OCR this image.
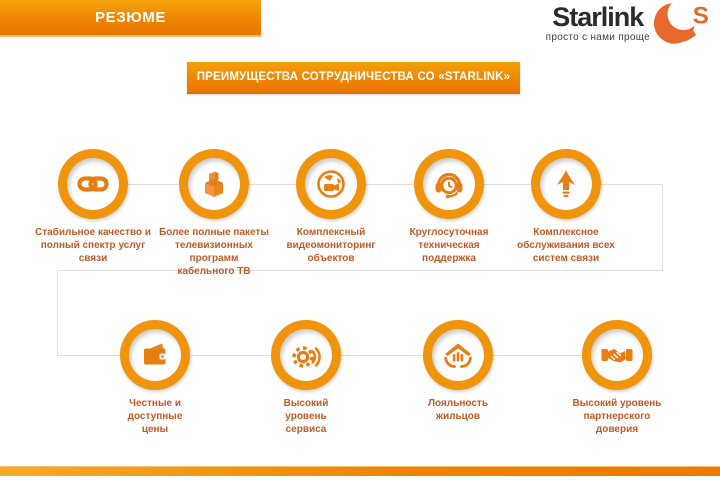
РЕЗЮМЕ	Starlink
просто с нами проще
S
ПРЕИМУЩЕСТВА СОТРУДНИЧЕСТВА СО «STARLINK»
Стабильное качество и
полный спектр услуг
связи
Более полные пакеты
телевизионных программ
кабельного ТВ
Комплексный
видеомониторинг
объектов
Круглосуточная
техническая
поддержка
Комплексное
обслуживания всех
систем связи
Честные и
доступные
цены
Высокий
уровень
сервиса
Лояльность
жильцов
Высокий уровень
партнерского
доверия
